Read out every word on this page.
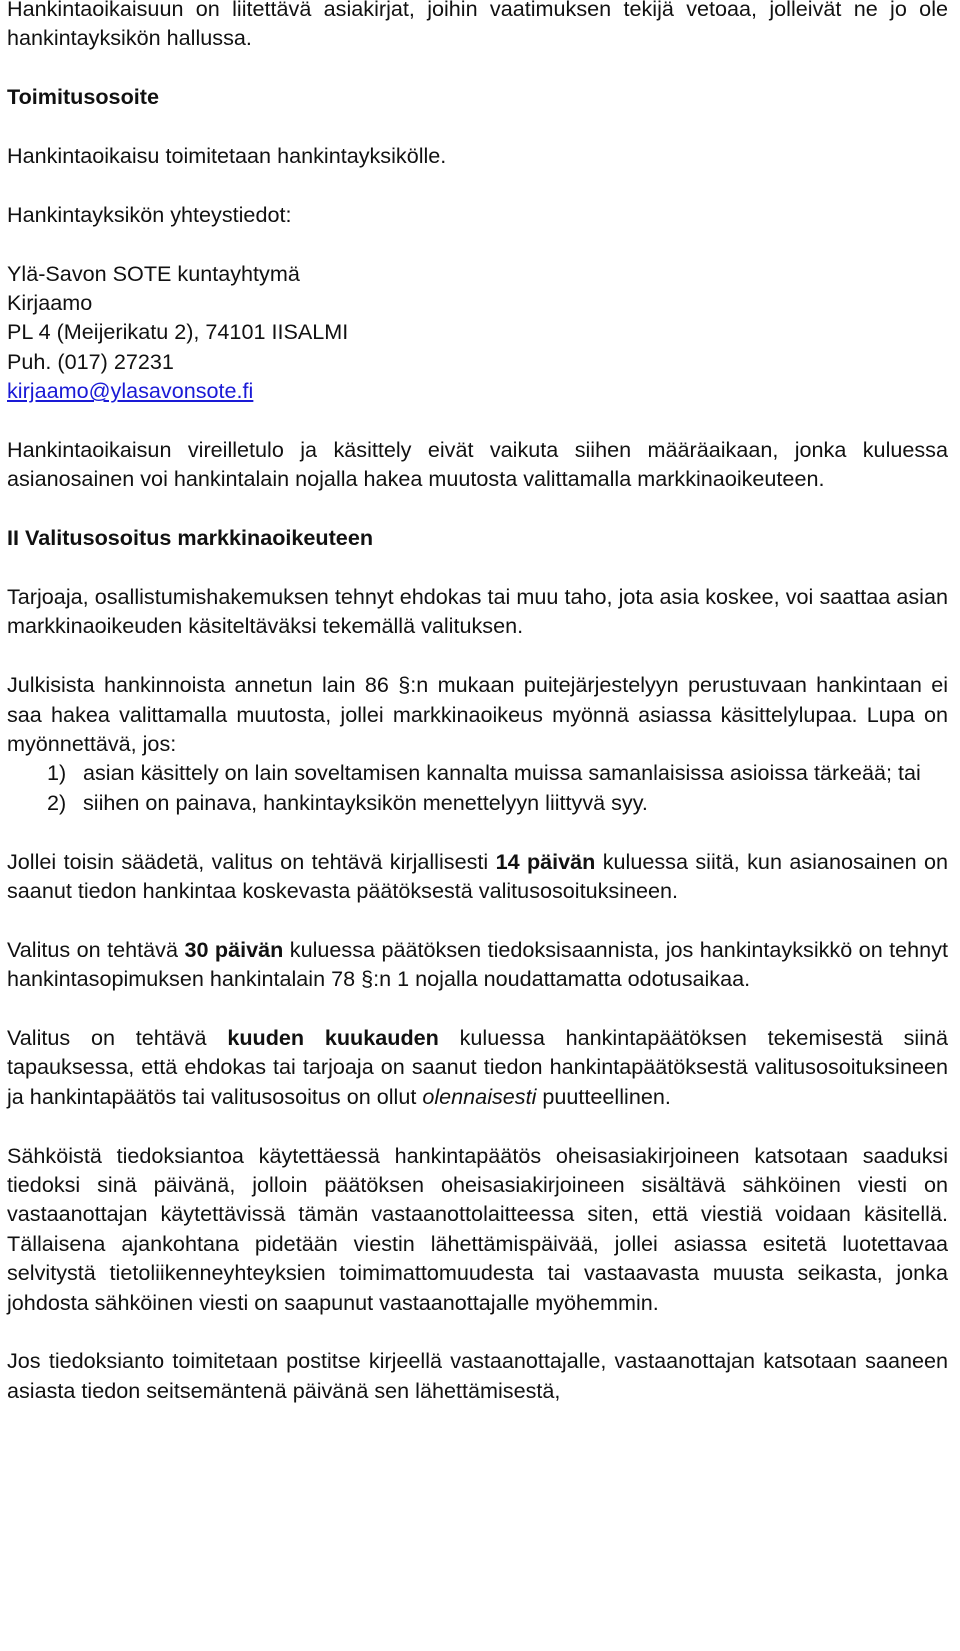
Hankintaoikaisuun on liitettävä asiakirjat, joihin vaatimuksen tekijä vetoaa, jolleivät ne jo ole hankintayksikön hallussa.

Toimitusosoite

Hankintaoikaisu toimitetaan hankintayksikölle.

Hankintayksikön yhteystiedot:

Ylä-Savon SOTE kuntayhtymä

Kirjaamo

PL 4 (Meijerikatu 2), 74101 IISALMI

Puh. (017) 27231

kirjaamo@ylasavonsote.fi

Hankintaoikaisun vireilletulo ja käsittely eivät vaikuta siihen määräaikaan, jonka kuluessa asianosainen voi hankintalain nojalla hakea muutosta valittamalla markkinaoikeuteen.

II Valitusosoitus markkinaoikeuteen

Tarjoaja, osallistumishakemuksen tehnyt ehdokas tai muu taho, jota asia koskee, voi saattaa asian markkinaoikeuden käsiteltäväksi tekemällä valituksen.

Julkisista hankinnoista annetun lain 86 §:n mukaan puitejärjestelyyn perustuvaan hankintaan ei saa hakea valittamalla muutosta, jollei markkinaoikeus myönnä asiassa käsittelylupaa. Lupa on myönnettävä, jos:

1) asian käsittely on lain soveltamisen kannalta muissa samanlaisissa asioissa tärkeää; tai
2) siihen on painava, hankintayksikön menettelyyn liittyvä syy.

Jollei toisin säädetä, valitus on tehtävä kirjallisesti 14 päivän kuluessa siitä, kun asianosainen on saanut tiedon hankintaa koskevasta päätöksestä valitusosoituksineen.

Valitus on tehtävä 30 päivän kuluessa päätöksen tiedoksisaannista, jos hankintayksikkö on tehnyt hankintasopimuksen hankintalain 78 §:n 1 nojalla noudattamatta odotusaikaa.

Valitus on tehtävä kuuden kuukauden kuluessa hankintapäätöksen tekemisestä siinä tapauksessa, että ehdokas tai tarjoaja on saanut tiedon hankintapäätöksestä valitusosoituksineen ja hankintapäätös tai valitusosoitus on ollut olennaisesti puutteellinen.

Sähköistä tiedoksiantoa käytettäessä hankintapäätös oheisasiakirjoineen katsotaan saaduksi tiedoksi sinä päivänä, jolloin päätöksen oheisasiakirjoineen sisältävä sähköinen viesti on vastaanottajan käytettävissä tämän vastaanottolaitteessa siten, että viestiä voidaan käsitellä. Tällaisena ajankohtana pidetään viestin lähettämispäivää, jollei asiassa esitetä luotettavaa selvitystä tietoliikenneyhteyksien toimimattomuudesta tai vastaavasta muusta seikasta, jonka johdosta sähköinen viesti on saapunut vastaanottajalle myöhemmin.

Jos tiedoksianto toimitetaan postitse kirjeellä vastaanottajalle, vastaanottajan katsotaan saaneen asiasta tiedon seitsemäntenä päivänä sen lähettämisestä,
